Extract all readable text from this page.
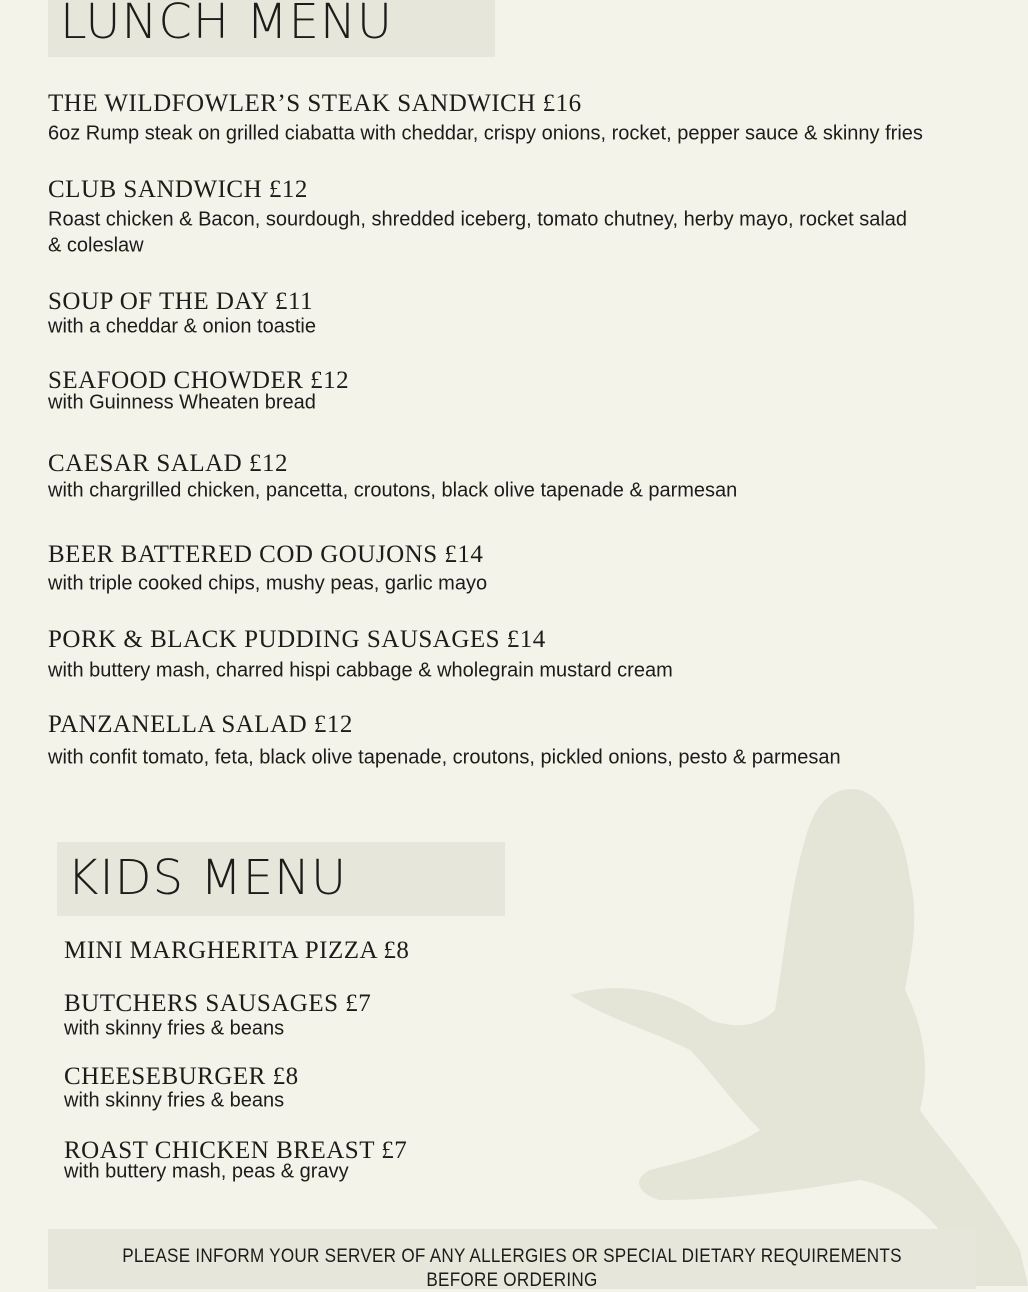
LUNCH MENU
THE WILDFOWLER’S STEAK SANDWICH £16
6oz Rump steak on grilled ciabatta with cheddar, crispy onions, rocket, pepper sauce & skinny fries
CLUB SANDWICH £12
Roast chicken & Bacon, sourdough, shredded iceberg, tomato chutney, herby mayo, rocket salad
& coleslaw
SOUP OF THE DAY £11
with a cheddar & onion toastie
SEAFOOD CHOWDER £12
with Guinness Wheaten bread
CAESAR SALAD £12
with chargrilled chicken, pancetta, croutons, black olive tapenade & parmesan
BEER BATTERED COD GOUJONS £14
with triple cooked chips, mushy peas, garlic mayo
PORK & BLACK PUDDING SAUSAGES £14
with buttery mash, charred hispi cabbage & wholegrain mustard cream
PANZANELLA SALAD £12
with confit tomato, feta, black olive tapenade, croutons, pickled onions, pesto & parmesan
KIDS MENU
MINI MARGHERITA PIZZA £8
BUTCHERS SAUSAGES £7
with skinny fries & beans
CHEESEBURGER £8
with skinny fries & beans
ROAST CHICKEN BREAST £7
with buttery mash, peas & gravy
PLEASE INFORM YOUR SERVER OF ANY ALLERGIES OR SPECIAL DIETARY REQUIREMENTS
BEFORE ORDERING
